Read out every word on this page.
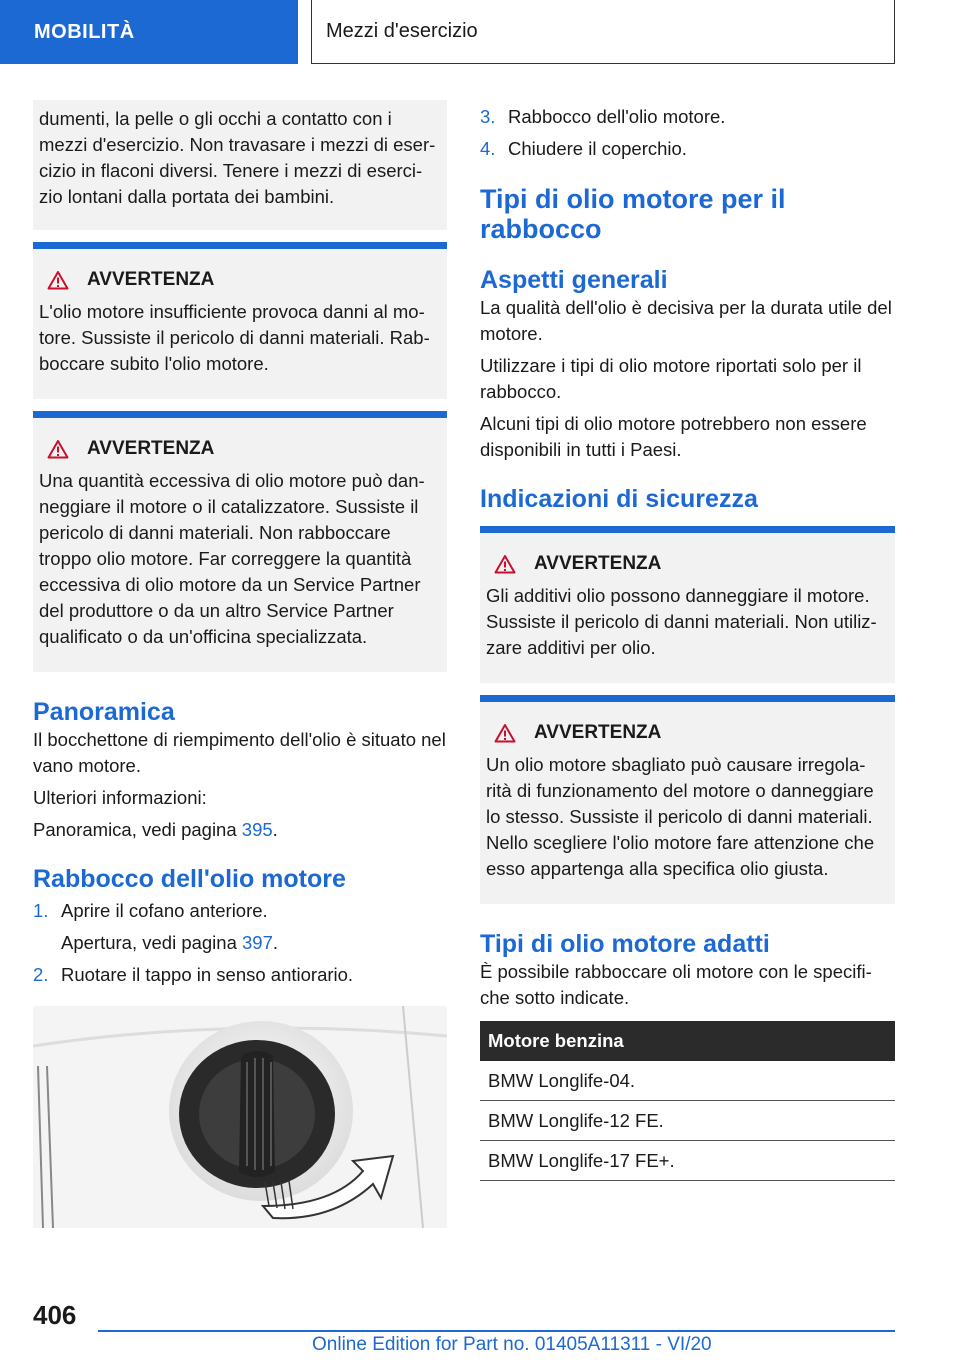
MOBILITÀ	Mezzi d'esercizio

dumenti, la pelle o gli occhi a contatto con i mezzi d'esercizio. Non travasare i mezzi di eser- cizio in flaconi diversi. Tenere i mezzi di eserci- zio lontani dalla portata dei bambini.

AVVERTENZA

L'olio motore insufficiente provoca danni al mo- tore. Sussiste il pericolo di danni materiali. Rab- boccare subito l'olio motore.

AVVERTENZA

Una quantità eccessiva di olio motore può dan- neggiare il motore o il catalizzatore. Sussiste il pericolo di danni materiali. Non rabboccare troppo olio motore. Far correggere la quantità eccessiva di olio motore da un Service Partner del produttore o da un altro Service Partner qualificato o da un'officina specializzata.

Panoramica

Il bocchettone di riempimento dell'olio è situato nel vano motore.

Ulteriori informazioni:

Panoramica, vedi pagina 395.

Rabbocco dell'olio motore
1. Aprire il cofano anteriore.
Apertura, vedi pagina 397.
2. Ruotare il tappo in senso antiorario.
3. Rabbocco dell'olio motore.
4. Chiudere il coperchio.
Tipi di olio motore per il rabbocco
Aspetti generali

La qualità dell'olio è decisiva per la durata utile del motore.

Utilizzare i tipi di olio motore riportati solo per il rabbocco.

Alcuni tipi di olio motore potrebbero non essere disponibili in tutti i Paesi.

Indicazioni di sicurezza
AVVERTENZA

Gli additivi olio possono danneggiare il motore. Sussiste il pericolo di danni materiali. Non utiliz- zare additivi per olio.

AVVERTENZA

Un olio motore sbagliato può causare irregola- rità di funzionamento del motore o danneggiare lo stesso. Sussiste il pericolo di danni materiali. Nello scegliere l'olio motore fare attenzione che esso appartenga alla specifica olio giusta.

Tipi di olio motore adatti

È possibile rabboccare oli motore con le specifi- che sotto indicate.

Motore benzina
BMW Longlife-04.
BMW Longlife-12 FE.
BMW Longlife-17 FE+.
406
Online Edition for Part no. 01405A11311 - VI/20
